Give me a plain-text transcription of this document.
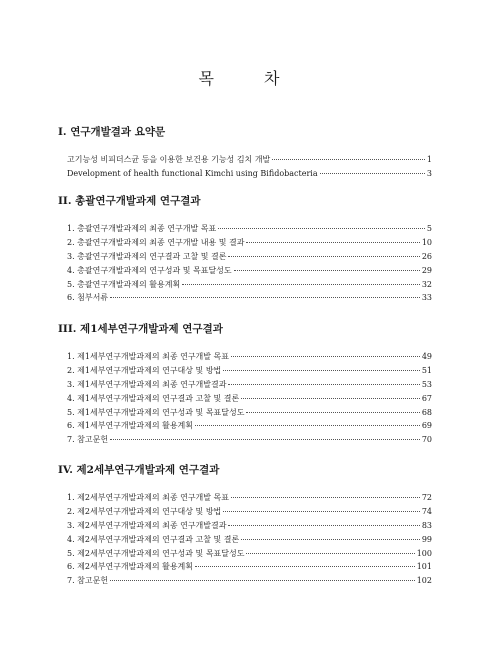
목	차
I. 연구개발결과 요약문
고기능성 비피더스균 등을 이용한 보건용 기능성 김치 개발	1
Development of health functional Kimchi using Bifidobacteria	3
II. 총괄연구개발과제 연구결과
1. 총괄연구개발과제의 최종 연구개발 목표	5
2. 총괄연구개발과제의 최종 연구개발 내용 및 결과	10
3. 총괄연구개발과제의 연구결과 고찰 및 결론	26
4. 총괄연구개발과제의 연구성과 및 목표달성도	29
5. 총괄연구개발과제의 활용계획	32
6. 첨부서류	33
III. 제1세부연구개발과제 연구결과
1. 제1세부연구개발과제의 최종 연구개발 목표	49
2. 제1세부연구개발과제의 연구대상 및 방법	51
3. 제1세부연구개발과제의 최종 연구개발결과	53
4. 제1세부연구개발과제의 연구결과 고찰 및 결론	67
5. 제1세부연구개발과제의 연구성과 및 목표달성도	68
6. 제1세부연구개발과제의 활용계획	69
7. 참고문헌	70
IV. 제2세부연구개발과제 연구결과
1. 제2세부연구개발과제의 최종 연구개발 목표	72
2. 제2세부연구개발과제의 연구대상 및 방법	74
3. 제2세부연구개발과제의 최종 연구개발결과	83
4. 제2세부연구개발과제의 연구결과 고찰 및 결론	99
5. 제2세부연구개발과제의 연구성과 및 목표달성도	100
6. 제2세부연구개발과제의 활용계획	101
7. 참고문헌	102
